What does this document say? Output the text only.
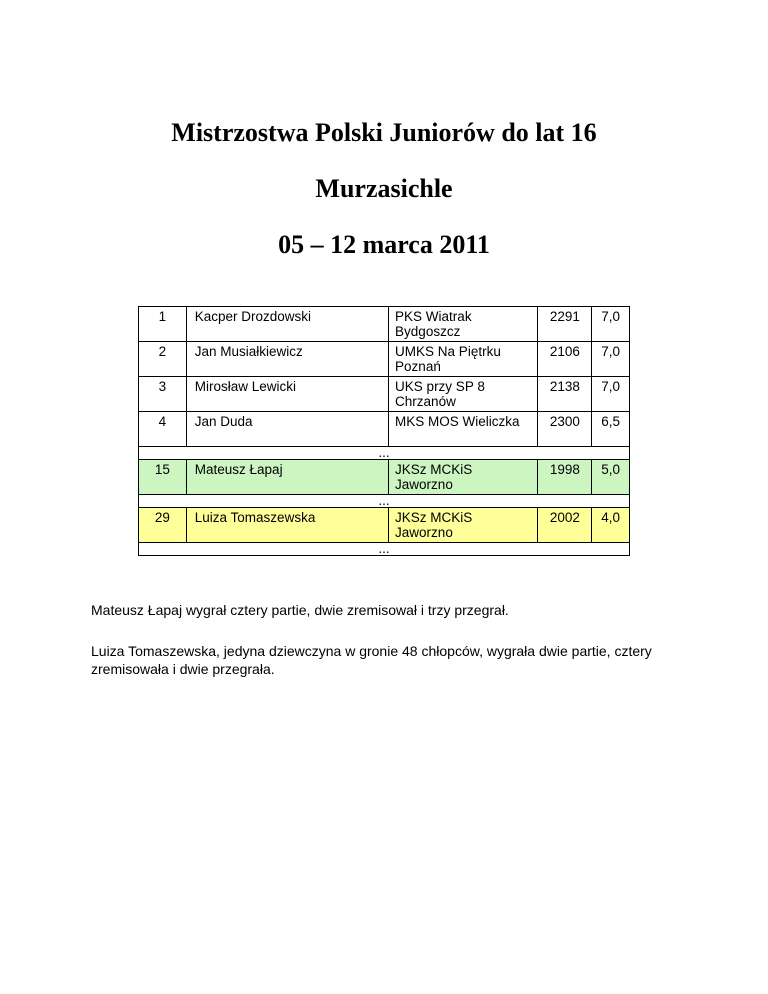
Mistrzostwa Polski Juniorów do lat 16
Murzasichle
05 – 12 marca 2011
1	Kacper Drozdowski	PKS Wiatrak Bydgoszcz	2291	7,0
2	Jan Musiałkiewicz	UMKS Na Piętrku Poznań	2106	7,0
3	Mirosław Lewicki	UKS przy SP 8 Chrzanów	2138	7,0
4	Jan Duda	MKS MOS Wieliczka	2300	6,5
...				
15	Mateusz Łapaj	JKSz MCKiS Jaworzno	1998	5,0
...				
29	Luiza Tomaszewska	JKSz MCKiS Jaworzno	2002	4,0
...				

Mateusz Łapaj wygrał cztery partie, dwie zremisował i trzy przegrał.

Luiza Tomaszewska, jedyna dziewczyna w gronie 48 chłopców, wygrała dwie partie, cztery zremisowała i dwie przegrała.
